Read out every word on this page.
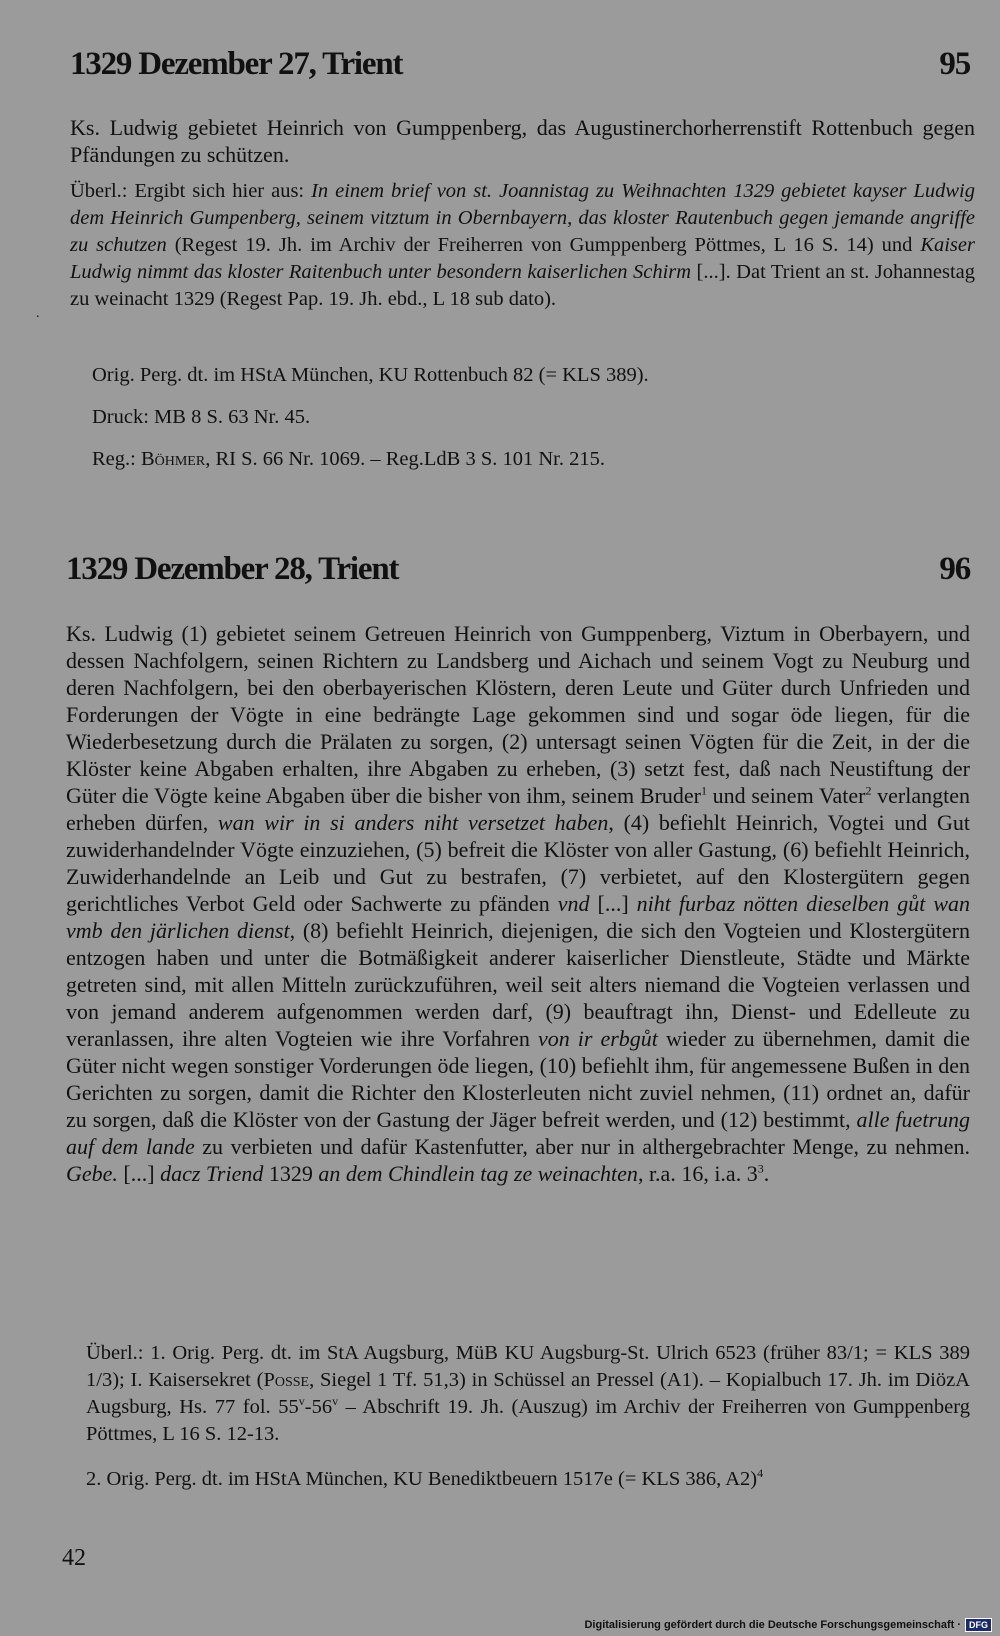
1329 Dezember 27, Trient	95
Ks. Ludwig gebietet Heinrich von Gumppenberg, das Augustinerchorherrenstift Rottenbuch gegen Pfändungen zu schützen.
Überl.: Ergibt sich hier aus: In einem brief von st. Joannistag zu Weihnachten 1329 gebietet kayser Ludwig dem Heinrich Gumpenberg, seinem vitztum in Obernbayern, das kloster Rautenbuch gegen jemande angriffe zu schutzen (Regest 19. Jh. im Archiv der Freiherren von Gumppenberg Pöttmes, L 16 S. 14) und Kaiser Ludwig nimmt das kloster Raitenbuch unter besondern kaiserlichen Schirm [...]. Dat Trient an st. Johannestag zu weinacht 1329 (Regest Pap. 19. Jh. ebd., L 18 sub dato).
.
Orig. Perg. dt. im HStA München, KU Rottenbuch 82 (= KLS 389).
Druck: MB 8 S. 63 Nr. 45.
Reg.: Böhmer, RI S. 66 Nr. 1069. – Reg.LdB 3 S. 101 Nr. 215.
1329 Dezember 28, Trient	96
Ks. Ludwig (1) gebietet seinem Getreuen Heinrich von Gumppenberg, Viztum in Oberbayern, und dessen Nachfolgern, seinen Richtern zu Landsberg und Aichach und seinem Vogt zu Neuburg und deren Nachfolgern, bei den oberbayerischen Klöstern, deren Leute und Güter durch Unfrieden und Forderungen der Vögte in eine bedrängte Lage gekommen sind und sogar öde liegen, für die Wiederbesetzung durch die Prälaten zu sorgen, (2) untersagt seinen Vögten für die Zeit, in der die Klöster keine Abgaben erhalten, ihre Abgaben zu erheben, (3) setzt fest, daß nach Neustiftung der Güter die Vögte keine Abgaben über die bisher von ihm, seinem Bruder$^1$ und seinem Vater$^2$ verlangten erheben dürfen, wan wir in si anders niht versetzet haben, (4) befiehlt Heinrich, Vogtei und Gut zuwiderhandelnder Vögte einzuziehen, (5) befreit die Klöster von aller Gastung, (6) befiehlt Heinrich, Zuwiderhandelnde an Leib und Gut zu bestrafen, (7) verbietet, auf den Klostergütern gegen gerichtliches Verbot Geld oder Sachwerte zu pfänden vnd [...] niht furbaz nötten dieselben gůt wan vmb den järlichen dienst, (8) befiehlt Heinrich, diejenigen, die sich den Vogteien und Klostergütern entzogen haben und unter die Botmäßigkeit anderer kaiserlicher Dienstleute, Städte und Märkte getreten sind, mit allen Mitteln zurückzuführen, weil seit alters niemand die Vogteien verlassen und von jemand anderem aufgenommen werden darf, (9) beauftragt ihn, Dienst- und Edelleute zu veranlassen, ihre alten Vogteien wie ihre Vorfahren von ir erbgůt wieder zu übernehmen, damit die Güter nicht wegen sonstiger Vorderungen öde liegen, (10) befiehlt ihm, für angemessene Bußen in den Gerichten zu sorgen, damit die Richter den Klosterleuten nicht zuviel nehmen, (11) ordnet an, dafür zu sorgen, daß die Klöster von der Gastung der Jäger befreit werden, und (12) bestimmt, alle fuetrung auf dem lande zu verbieten und dafür Kastenfutter, aber nur in althergebrachter Menge, zu nehmen. Gebe. [...] dacz Triend 1329 an dem Chindlein tag ze weinachten, r.a. 16, i.a. $3^3$.
Überl.: 1. Orig. Perg. dt. im StA Augsburg, MüB KU Augsburg-St. Ulrich 6523 (früher 83/1; = KLS 389 1/3); I. Kaisersekret (Posse, Siegel 1 Tf. 51,3) in Schüssel an Pressel (A1). – Kopialbuch 17. Jh. im DiözA Augsburg, Hs. 77 fol. 55$^v$-56$^v$ – Abschrift 19. Jh. (Auszug) im Archiv der Freiherren von Gumppenberg Pöttmes, L 16 S. 12-13.
2. Orig. Perg. dt. im HStA München, KU Benediktbeuern 1517e (= KLS 386, A2)$^4$
42
Digitalisierung gefördert durch die Deutsche Forschungsgemeinschaft · DFG
